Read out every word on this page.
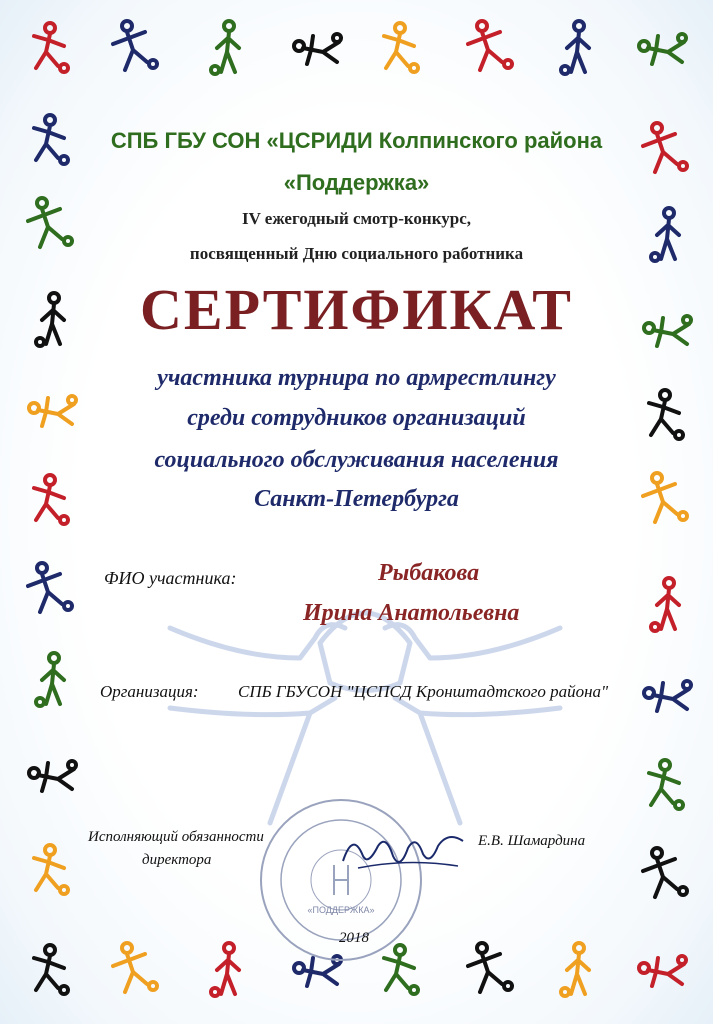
СПБ ГБУ СОН «ЦСРИДИ Колпинского района
«Поддержка»
IV ежегодный смотр-конкурс,
посвященный Дню социального работника
СЕРТИФИКАТ
участника турнира по армрестлингу
среди сотрудников организаций
социального обслуживания населения
Санкт-Петербурга
ФИО участника:	Рыбакова
Ирина Анатольевна
Организация: СПБ ГБУСОН "ЦСПСД Кронштадтского района"
«ПОДДЕРЖКА»
Исполняющий обязанности
директора
Е.В. Шамардина
2018
